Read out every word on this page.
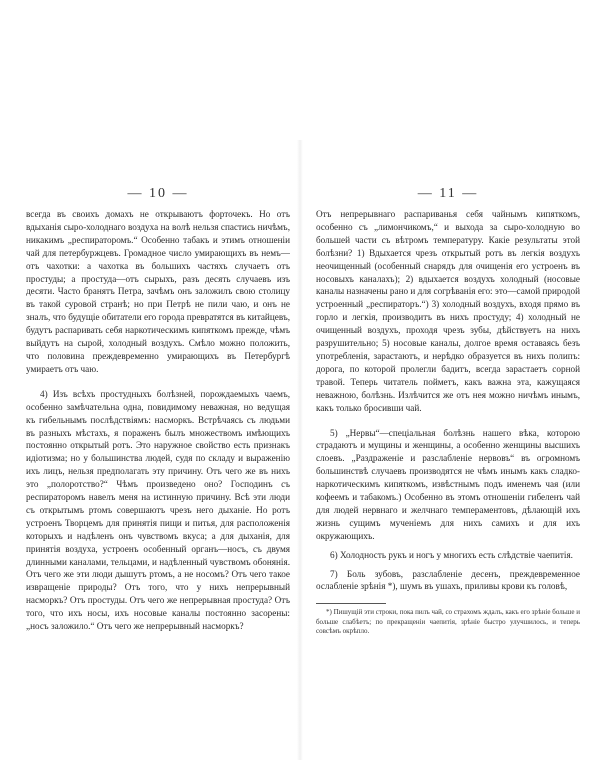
— 10 —

всегда въ своихъ домахъ не открываютъ форточекъ. Но отъ вдыханія сыро-холоднаго воздуха на волѣ нельзя спастись ничѣмъ, никакимъ „респираторомъ.“ Особенно табакъ и этимъ отношеніи чай для петербуржцевъ. Громадное число умирающихъ въ немъ—отъ чахотки: а чахотка въ большихъ частяхъ случаетъ отъ простуды; а простуда—отъ сырыхъ, разъ десять случаевъ изъ десяти. Часто бранятъ Петра, зачѣмъ онъ заложилъ свою столицу въ такой суровой странѣ; но при Петрѣ не пили чаю, и онъ не зналъ, что будущіе обитатели его города превратятся въ китайцевъ, будутъ распаривать себя наркотическимъ кипяткомъ прежде, чѣмъ выйдутъ на сырой, холодный воздухъ. Смѣло можно положить, что половина преждевременно умирающихъ въ Петербургѣ умираетъ отъ чаю.

4) Изъ всѣхъ простудныхъ болѣзней, порождаемыхъ чаемъ, особенно замѣчательна одна, повидимому неважная, но ведущая къ гибельнымъ послѣдствіямъ: насморкъ. Встрѣчаясь съ людьми въ разныхъ мѣстахъ, я пораженъ былъ множествомъ имѣющихъ постоянно открытый ротъ. Это наружное свойство есть признакъ идіотизма; но у большинства людей, судя по складу и выраженію ихъ лицъ, нельзя предполагать эту причину. Отъ чего же въ нихъ это „полоротство?“ Чѣмъ произведено оно? Господинъ съ респираторомъ навелъ меня на истинную причину. Всѣ эти люди съ открытымъ ртомъ совершаютъ чрезъ него дыханіе. Но ротъ устроенъ Творцемъ для принятія пищи и питья, для расположенія которыхъ и надѣленъ онъ чувствомъ вкуса; а для дыханія, для принятія воздуха, устроенъ особенный органъ—носъ, съ двумя длинными каналами, тельцами, и надѣленный чувствомъ обонянія. Отъ чего же эти люди дышутъ ртомъ, а не носомъ? Отъ чего такое извращеніе природы? Отъ того, что у нихъ непрерывный насморкъ? Отъ простуды. Отъ чего же непрерывная простуда? Отъ того, что ихъ носы, ихъ носовые каналы постоянно засорены: „носъ заложило.“ Отъ чего же непрерывный насморкъ?

— 11 —

Отъ непрерывнаго распариванья себя чайнымъ кипяткомъ, особенно съ „лимончикомъ,“ и выхода за сыро-холодную во большей части съ вѣтромъ температуру. Какіе результаты этой болѣзни? 1) Вдыхается чрезъ открытый ротъ въ легкія воздухъ неочищенный (особенный снарядъ для очищенія его устроенъ въ носовыхъ каналахъ); 2) вдыхается воздухъ холодный (носовые каналы назначены рано и для согрѣванія его: это—самой природой устроенный „респираторъ.“) 3) холодный воздухъ, входя прямо въ горло и легкія, производитъ въ нихъ простуду; 4) холодный не очищенный воздухъ, проходя чрезъ зубы, дѣйствуетъ на нихъ разрушительно; 5) носовые каналы, долгое время оставаясь безъ употребленія, зарастаютъ, и нерѣдко образуется въ нихъ полипъ: дорога, по которой пролегли бадитъ, всегда зарастаетъ сорной травой. Теперь читатель пойметъ, какъ важна эта, кажущаяся неважною, болѣзнь. Излѣчится же отъ нея можно ничѣмъ инымъ, какъ только бросивши чай.

5) „Нервы“—спеціальная болѣзнь нашего вѣка, которою страдаютъ и мущины и женщины, а особенно женщины высшихъ слоевъ. „Раздраженіе и разслабленіе нервовъ“ въ огромномъ большинствѣ случаевъ производятся не чѣмъ инымъ какъ сладко-наркотическимъ кипяткомъ, извѣстнымъ подъ именемъ чая (или кофеемъ и табакомъ.) Особенно въ этомъ отношеніи гибеленъ чай для людей нервнаго и желчнаго темпераментовъ, дѣлающій ихъ жизнь сущимъ мученіемъ для нихъ самихъ и для ихъ окружающихъ.

6) Холодность рукъ и ногъ у многихъ есть слѣдствіе чаепитія.

7) Боль зубовъ, разслабленіе десенъ, преждевременное ослабленіе зрѣнія *), шумъ въ ушахъ, приливы крови къ головѣ,

*) Пишущій эти строки, пока пилъ чай, со страхомъ ждалъ, какъ его зрѣніе больше и больше слабѣетъ; по прекращеніи чаепитія, зрѣніе быстро улучшилось, и теперь совсѣмъ окрѣпло.
